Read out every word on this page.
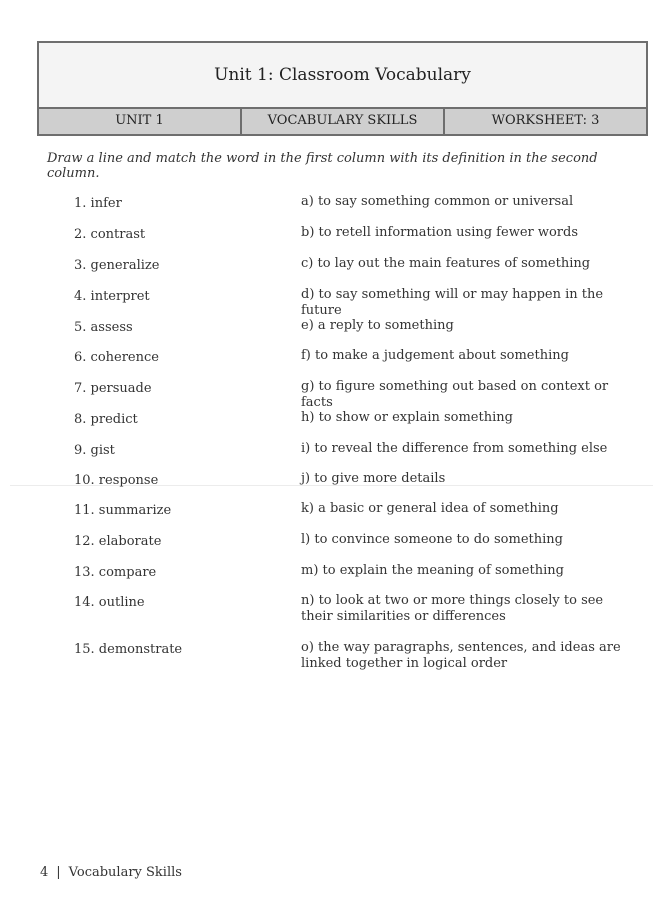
Unit 1: Classroom Vocabulary
UNIT 1	VOCABULARY SKILLS	WORKSHEET: 3
Draw a line and match the word in the first column with its definition in the second column.
1. infer
2. contrast
3. generalize
4. interpret
5. assess
6. coherence
7. persuade
8. predict
9. gist
10. response
11. summarize
12. elaborate
13. compare
14. outline
15. demonstrate
a) to say something common or universal
b) to retell information using fewer words
c) to lay out the main features of something
d) to say something will or may happen in the future
e) a reply to something
f) to make a judgement about something
g) to figure something out based on context or facts
h) to show or explain something
i) to reveal the difference from something else
j) to give more details
k) a basic or general idea of something
l) to convince someone to do something
m) to explain the meaning of something
n) to look at two or more things closely to see their similarities or differences
o) the way paragraphs, sentences, and ideas are linked together in logical order
4 | Vocabulary Skills
